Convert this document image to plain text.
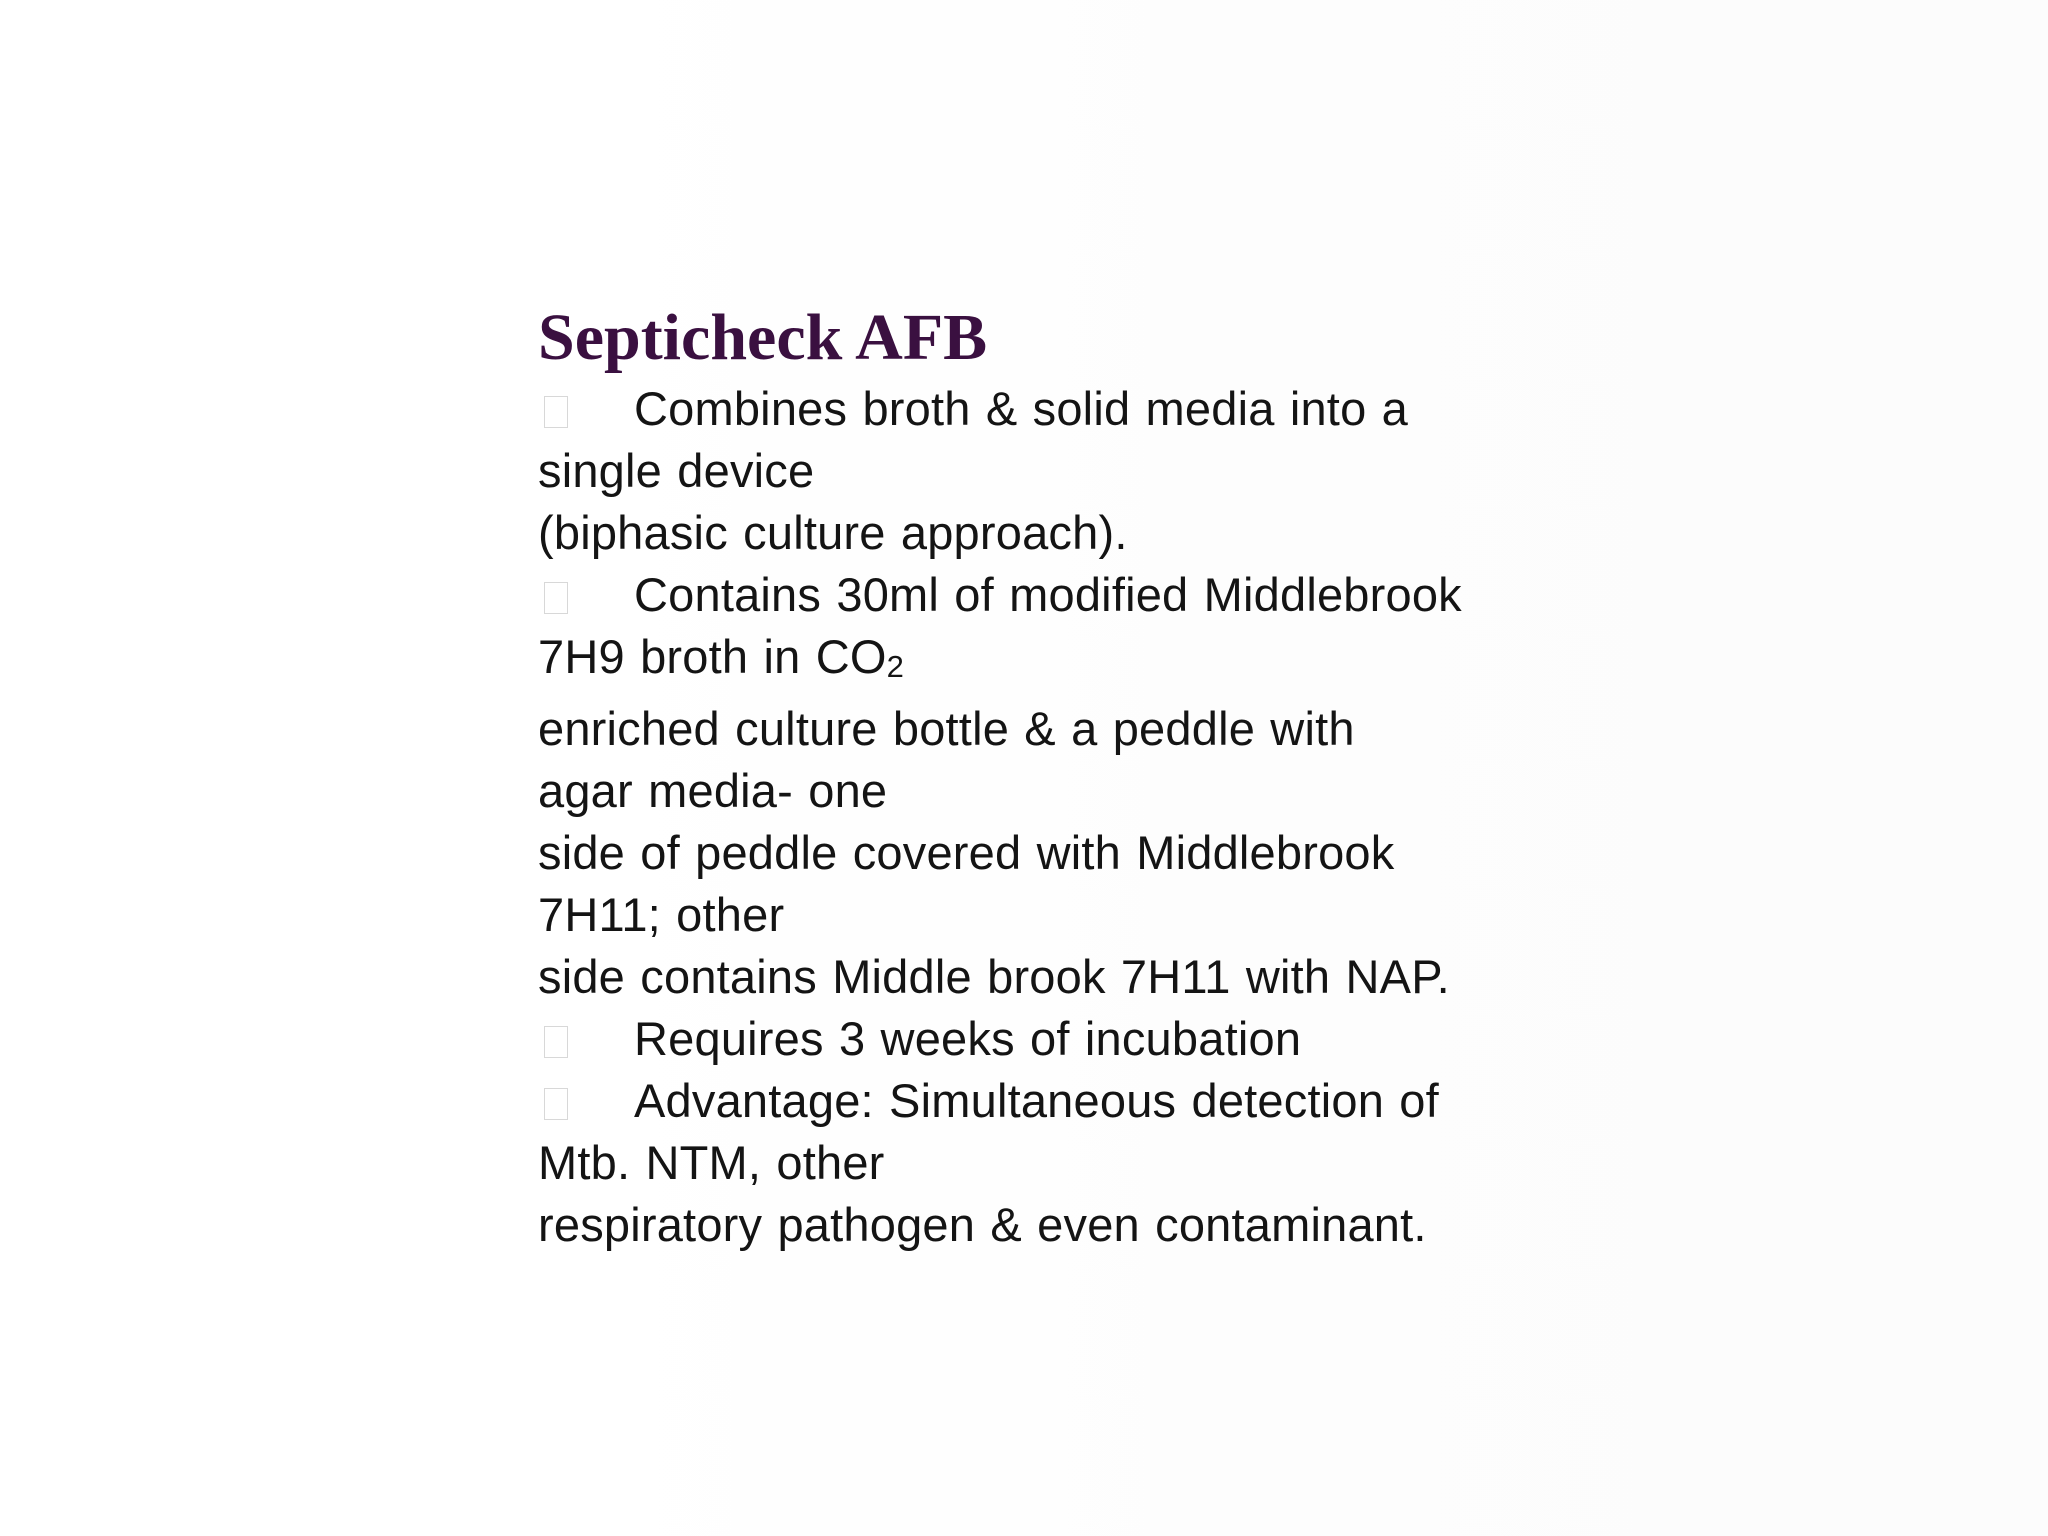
Septicheck AFB

Combines broth & solid media into a

single device

(biphasic culture approach).

Contains 30ml of modified Middlebrook

7H9 broth in CO2

enriched culture bottle & a peddle with

agar media- one

side of peddle covered with Middlebrook

7H11; other

side contains Middle brook 7H11 with NAP.

Requires 3 weeks of incubation

Advantage: Simultaneous detection of

Mtb. NTM, other

respiratory pathogen & even contaminant.
